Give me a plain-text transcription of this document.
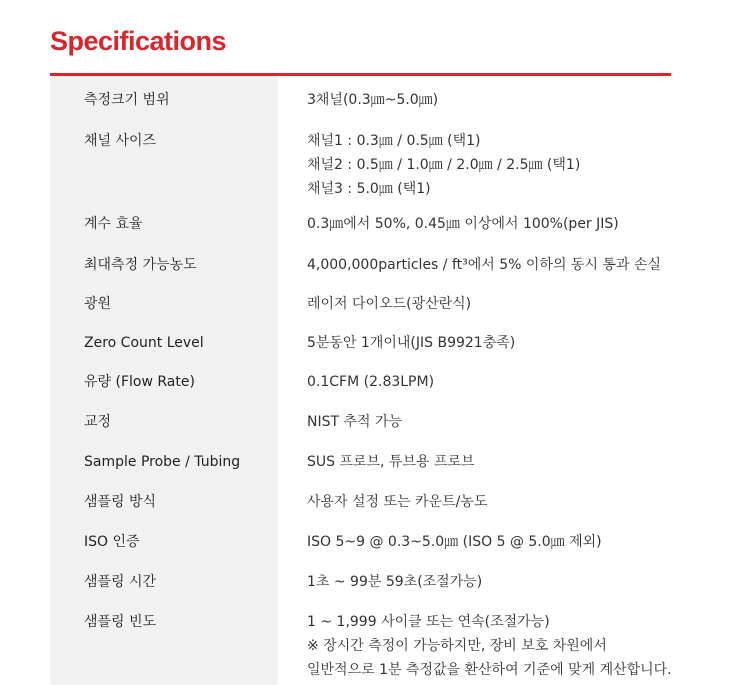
Specifications
측정크기 범위	3채널(0.3㎛~5.0㎛)
채널 사이즈	채널1 : 0.3㎛ / 0.5㎛ (택1)
채널2 : 0.5㎛ / 1.0㎛ / 2.0㎛ / 2.5㎛ (택1)
채널3 : 5.0㎛ (택1)
계수 효율	0.3㎛에서 50%, 0.45㎛ 이상에서 100%(per JIS)
최대측정 가능농도	4,000,000particles / ft³에서 5% 이하의 동시 통과 손실
광원	레이저 다이오드(광산란식)
Zero Count Level	5분동안 1개이내(JIS B9921충족)
유량 (Flow Rate)	0.1CFM (2.83LPM)
교정	NIST 추적 가능
Sample Probe / Tubing	SUS 프로브, 튜브용 프로브
샘플링 방식	사용자 설정 또는 카운트/농도
ISO 인증	ISO 5~9 @ 0.3~5.0㎛ (ISO 5 @ 5.0㎛ 제외)
샘플링 시간	1초 ~ 99분 59초(조절가능)
샘플링 빈도	1 ~ 1,999 사이클 또는 연속(조절가능)
※ 장시간 측정이 가능하지만, 장비 보호 차원에서
일반적으로 1분 측정값을 환산하여 기준에 맞게 계산합니다.
